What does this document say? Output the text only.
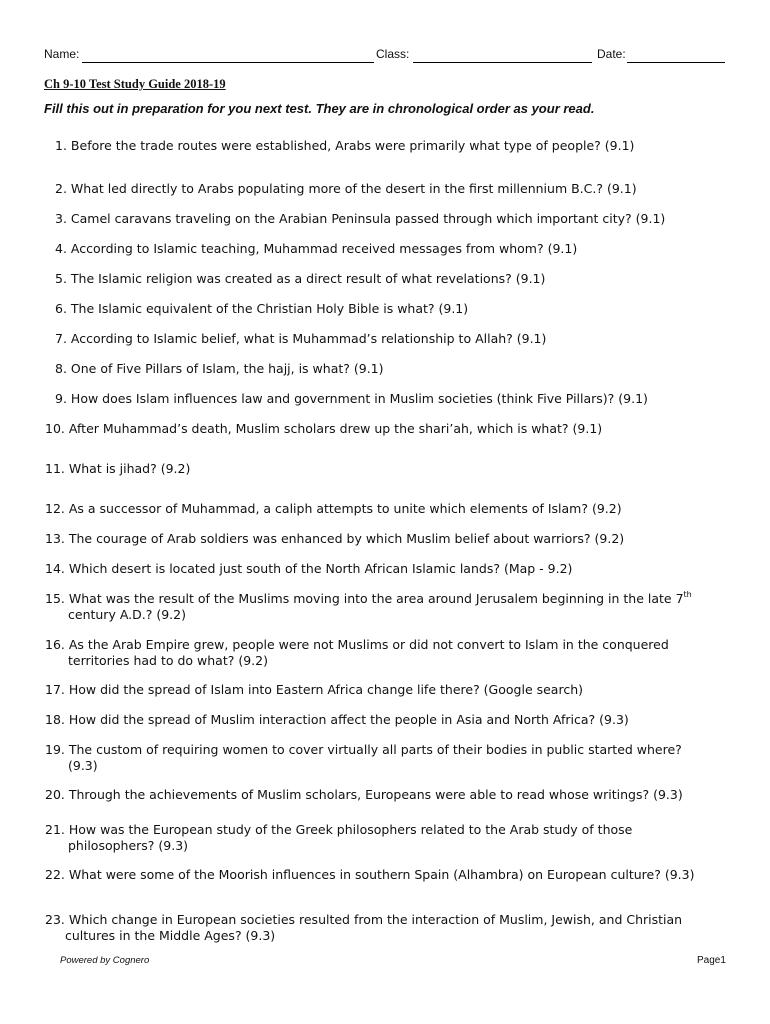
Name:	Class:	Date:
Ch 9-10 Test Study Guide 2018-19
Fill this out in preparation for you next test. They are in chronological order as your read.
1. Before the trade routes were established, Arabs were primarily what type of people? (9.1)
2. What led directly to Arabs populating more of the desert in the first millennium B.C.? (9.1)
3. Camel caravans traveling on the Arabian Peninsula passed through which important city? (9.1)
4. According to Islamic teaching, Muhammad received messages from whom? (9.1)
5. The Islamic religion was created as a direct result of what revelations? (9.1)
6. The Islamic equivalent of the Christian Holy Bible is what? (9.1)
7. According to Islamic belief, what is Muhammad’s relationship to Allah? (9.1)
8. One of Five Pillars of Islam, the hajj, is what? (9.1)
9. How does Islam influences law and government in Muslim societies (think Five Pillars)? (9.1)
10. After Muhammad’s death, Muslim scholars drew up the shari’ah, which is what? (9.1)
11. What is jihad? (9.2)
12. As a successor of Muhammad, a caliph attempts to unite which elements of Islam? (9.2)
13. The courage of Arab soldiers was enhanced by which Muslim belief about warriors? (9.2)
14. Which desert is located just south of the North African Islamic lands? (Map - 9.2)
15. What was the result of the Muslims moving into the area around Jerusalem beginning in the late 7th
century A.D.? (9.2)
16. As the Arab Empire grew, people were not Muslims or did not convert to Islam in the conquered
territories had to do what? (9.2)
17. How did the spread of Islam into Eastern Africa change life there? (Google search)
18. How did the spread of Muslim interaction affect the people in Asia and North Africa? (9.3)
19. The custom of requiring women to cover virtually all parts of their bodies in public started where?
(9.3)
20. Through the achievements of Muslim scholars, Europeans were able to read whose writings? (9.3)
21. How was the European study of the Greek philosophers related to the Arab study of those
philosophers? (9.3)
22. What were some of the Moorish influences in southern Spain (Alhambra) on European culture? (9.3)
23. Which change in European societies resulted from the interaction of Muslim, Jewish, and Christian
cultures in the Middle Ages? (9.3)
Powered by Cognero	Page1
